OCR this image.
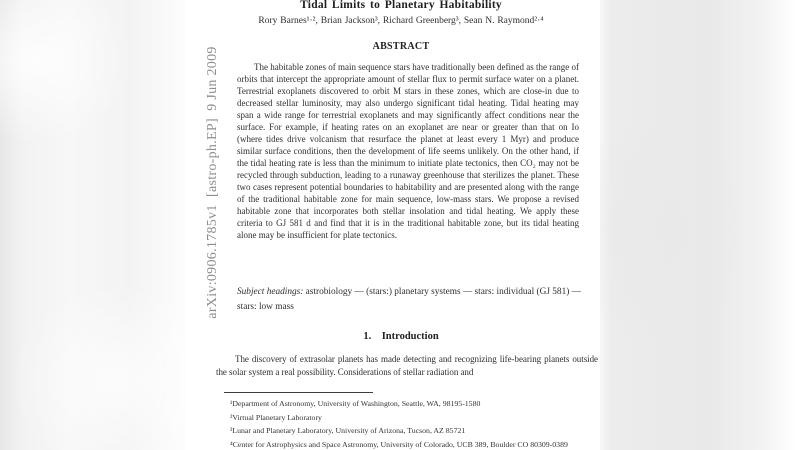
Tidal Limits to Planetary Habitability
Rory Barnes¹·², Brian Jackson³, Richard Greenberg³, Sean N. Raymond²·⁴
ABSTRACT
The habitable zones of main sequence stars have traditionally been defined as the range of orbits that intercept the appropriate amount of stellar flux to permit surface water on a planet. Terrestrial exoplanets discovered to orbit M stars in these zones, which are close-in due to decreased stellar luminosity, may also undergo significant tidal heating. Tidal heating may span a wide range for terrestrial exoplanets and may significantly affect conditions near the surface. For example, if heating rates on an exoplanet are near or greater than that on Io (where tides drive volcanism that resurface the planet at least every 1 Myr) and produce similar surface conditions, then the development of life seems unlikely. On the other hand, if the tidal heating rate is less than the minimum to initiate plate tectonics, then CO₂ may not be recycled through subduction, leading to a runaway greenhouse that sterilizes the planet. These two cases represent potential boundaries to habitability and are presented along with the range of the traditional habitable zone for main sequence, low-mass stars. We propose a revised habitable zone that incorporates both stellar insolation and tidal heating. We apply these criteria to GJ 581 d and find that it is in the traditional habitable zone, but its tidal heating alone may be insufficient for plate tectonics.
Subject headings: astrobiology — (stars:) planetary systems — stars: individual (GJ 581) — stars: low mass
1. Introduction
The discovery of extrasolar planets has made detecting and recognizing life-bearing planets outside the solar system a real possibility. Considerations of stellar radiation and
¹Department of Astronomy, University of Washington, Seattle, WA, 98195-1580
²Virtual Planetary Laboratory
³Lunar and Planetary Laboratory, University of Arizona, Tucson, AZ 85721
⁴Center for Astrophysics and Space Astronomy, University of Colorado, UCB 389, Boulder CO 80309-0389
arXiv:0906.1785v1 [astro-ph.EP] 9 Jun 2009
